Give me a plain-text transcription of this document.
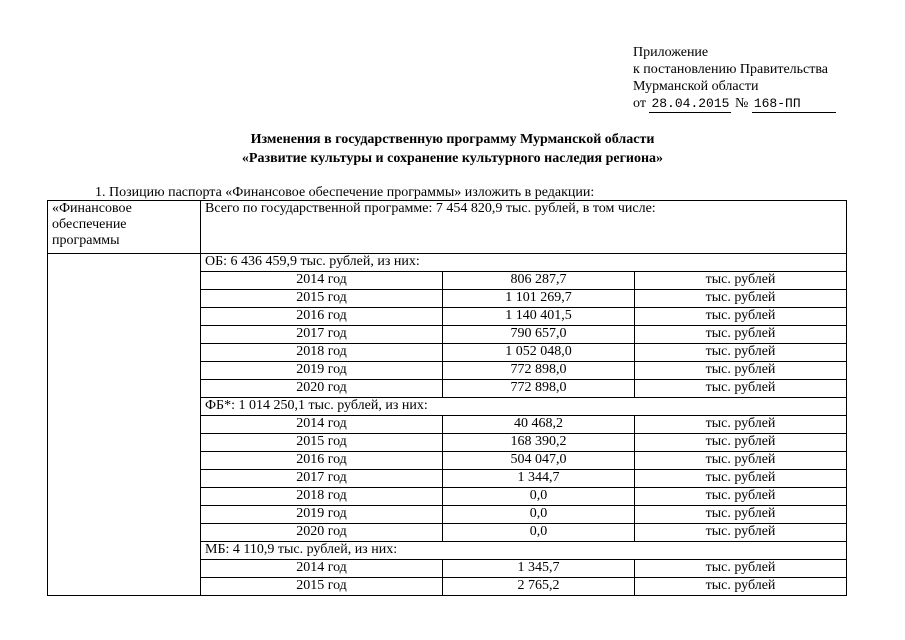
Приложение
к постановлению Правительства
Мурманской области
от 28.04.2015 № 168-ПП
Изменения в государственную программу Мурманской области
«Развитие культуры и сохранение культурного наследия региона»
1. Позицию паспорта «Финансовое обеспечение программы» изложить в редакции:
«Финансовое
обеспечение
программы	Всего по государственной программе: 7 454 820,9 тыс. рублей, в том числе:		
	ОБ: 6 436 459,9 тыс. рублей, из них:		
	2014 год	806 287,7	тыс. рублей
	2015 год	1 101 269,7	тыс. рублей
	2016 год	1 140 401,5	тыс. рублей
	2017 год	790 657,0	тыс. рублей
	2018 год	1 052 048,0	тыс. рублей
	2019 год	772 898,0	тыс. рублей
	2020 год	772 898,0	тыс. рублей
	ФБ*: 1 014 250,1 тыс. рублей, из них:		
	2014 год	40 468,2	тыс. рублей
	2015 год	168 390,2	тыс. рублей
	2016 год	504 047,0	тыс. рублей
	2017 год	1 344,7	тыс. рублей
	2018 год	0,0	тыс. рублей
	2019 год	0,0	тыс. рублей
	2020 год	0,0	тыс. рублей
	МБ: 4 110,9 тыс. рублей, из них:		
	2014 год	1 345,7	тыс. рублей
	2015 год	2 765,2	тыс. рублей
